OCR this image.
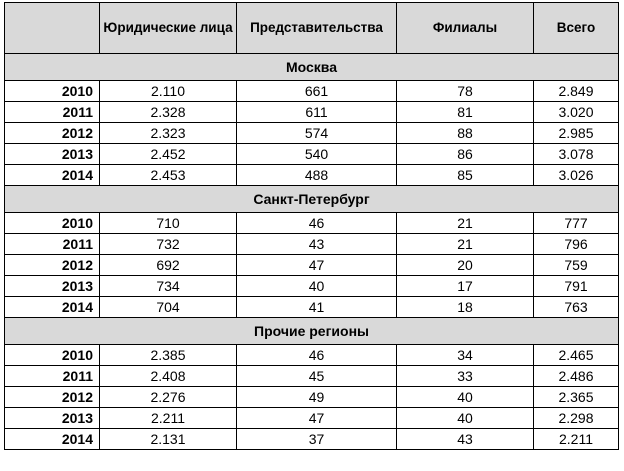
	Юридические лица	Представительства	Филиалы	Всего
Москва				
2010	2.110	661	78	2.849
2011	2.328	611	81	3.020
2012	2.323	574	88	2.985
2013	2.452	540	86	3.078
2014	2.453	488	85	3.026
Санкт-Петербург				
2010	710	46	21	777
2011	732	43	21	796
2012	692	47	20	759
2013	734	40	17	791
2014	704	41	18	763
Прочие регионы				
2010	2.385	46	34	2.465
2011	2.408	45	33	2.486
2012	2.276	49	40	2.365
2013	2.211	47	40	2.298
2014	2.131	37	43	2.211
